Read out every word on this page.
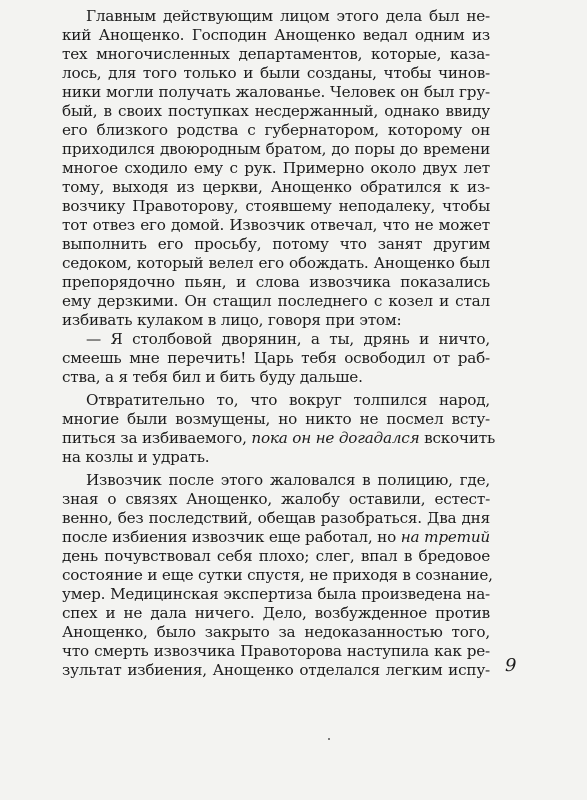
Главным действующим лицом этого дела был не-
кий Анощенко. Господин Анощенко ведал одним из
тех многочисленных департаментов, которые, каза-
лось, для того только и были созданы, чтобы чинов-
ники могли получать жалованье. Человек он был гру-
бый, в своих поступках несдержанный, однако ввиду
его близкого родства с губернатором, которому он
приходился двоюродным братом, до поры до времени
многое сходило ему с рук. Примерно около двух лет
тому, выходя из церкви, Анощенко обратился к из-
возчику Правоторову, стоявшему неподалеку, чтобы
тот отвез его домой. Извозчик отвечал, что не может
выполнить его просьбу, потому что занят другим
седоком, который велел его обождать. Анощенко был
препорядочно пьян, и слова извозчика показались
ему дерзкими. Он стащил последнего с козел и стал
избивать кулаком в лицо, говоря при этом:
— Я столбовой дворянин, а ты, дрянь и ничто,
смеешь мне перечить! Царь тебя освободил от раб-
ства, а я тебя бил и бить буду дальше.
Отвратительно то, что вокруг толпился народ,
многие были возмущены, но никто не посмел всту-
питься за избиваемого, пока он не догадался вскочить
на козлы и удрать.
Извозчик после этого жаловался в полицию, где,
зная о связях Анощенко, жалобу оставили, естест-
венно, без последствий, обещав разобраться. Два дня
после избиения извозчик еще работал, но на третий
день почувствовал себя плохо; слег, впал в бредовое
состояние и еще сутки спустя, не приходя в сознание,
умер. Медицинская экспертиза была произведена на-
спех и не дала ничего. Дело, возбужденное против
Анощенко, было закрыто за недоказанностью того,
что смерть извозчика Правоторова наступила как ре-
зультат избиения, Анощенко отделался легким испу- 9
